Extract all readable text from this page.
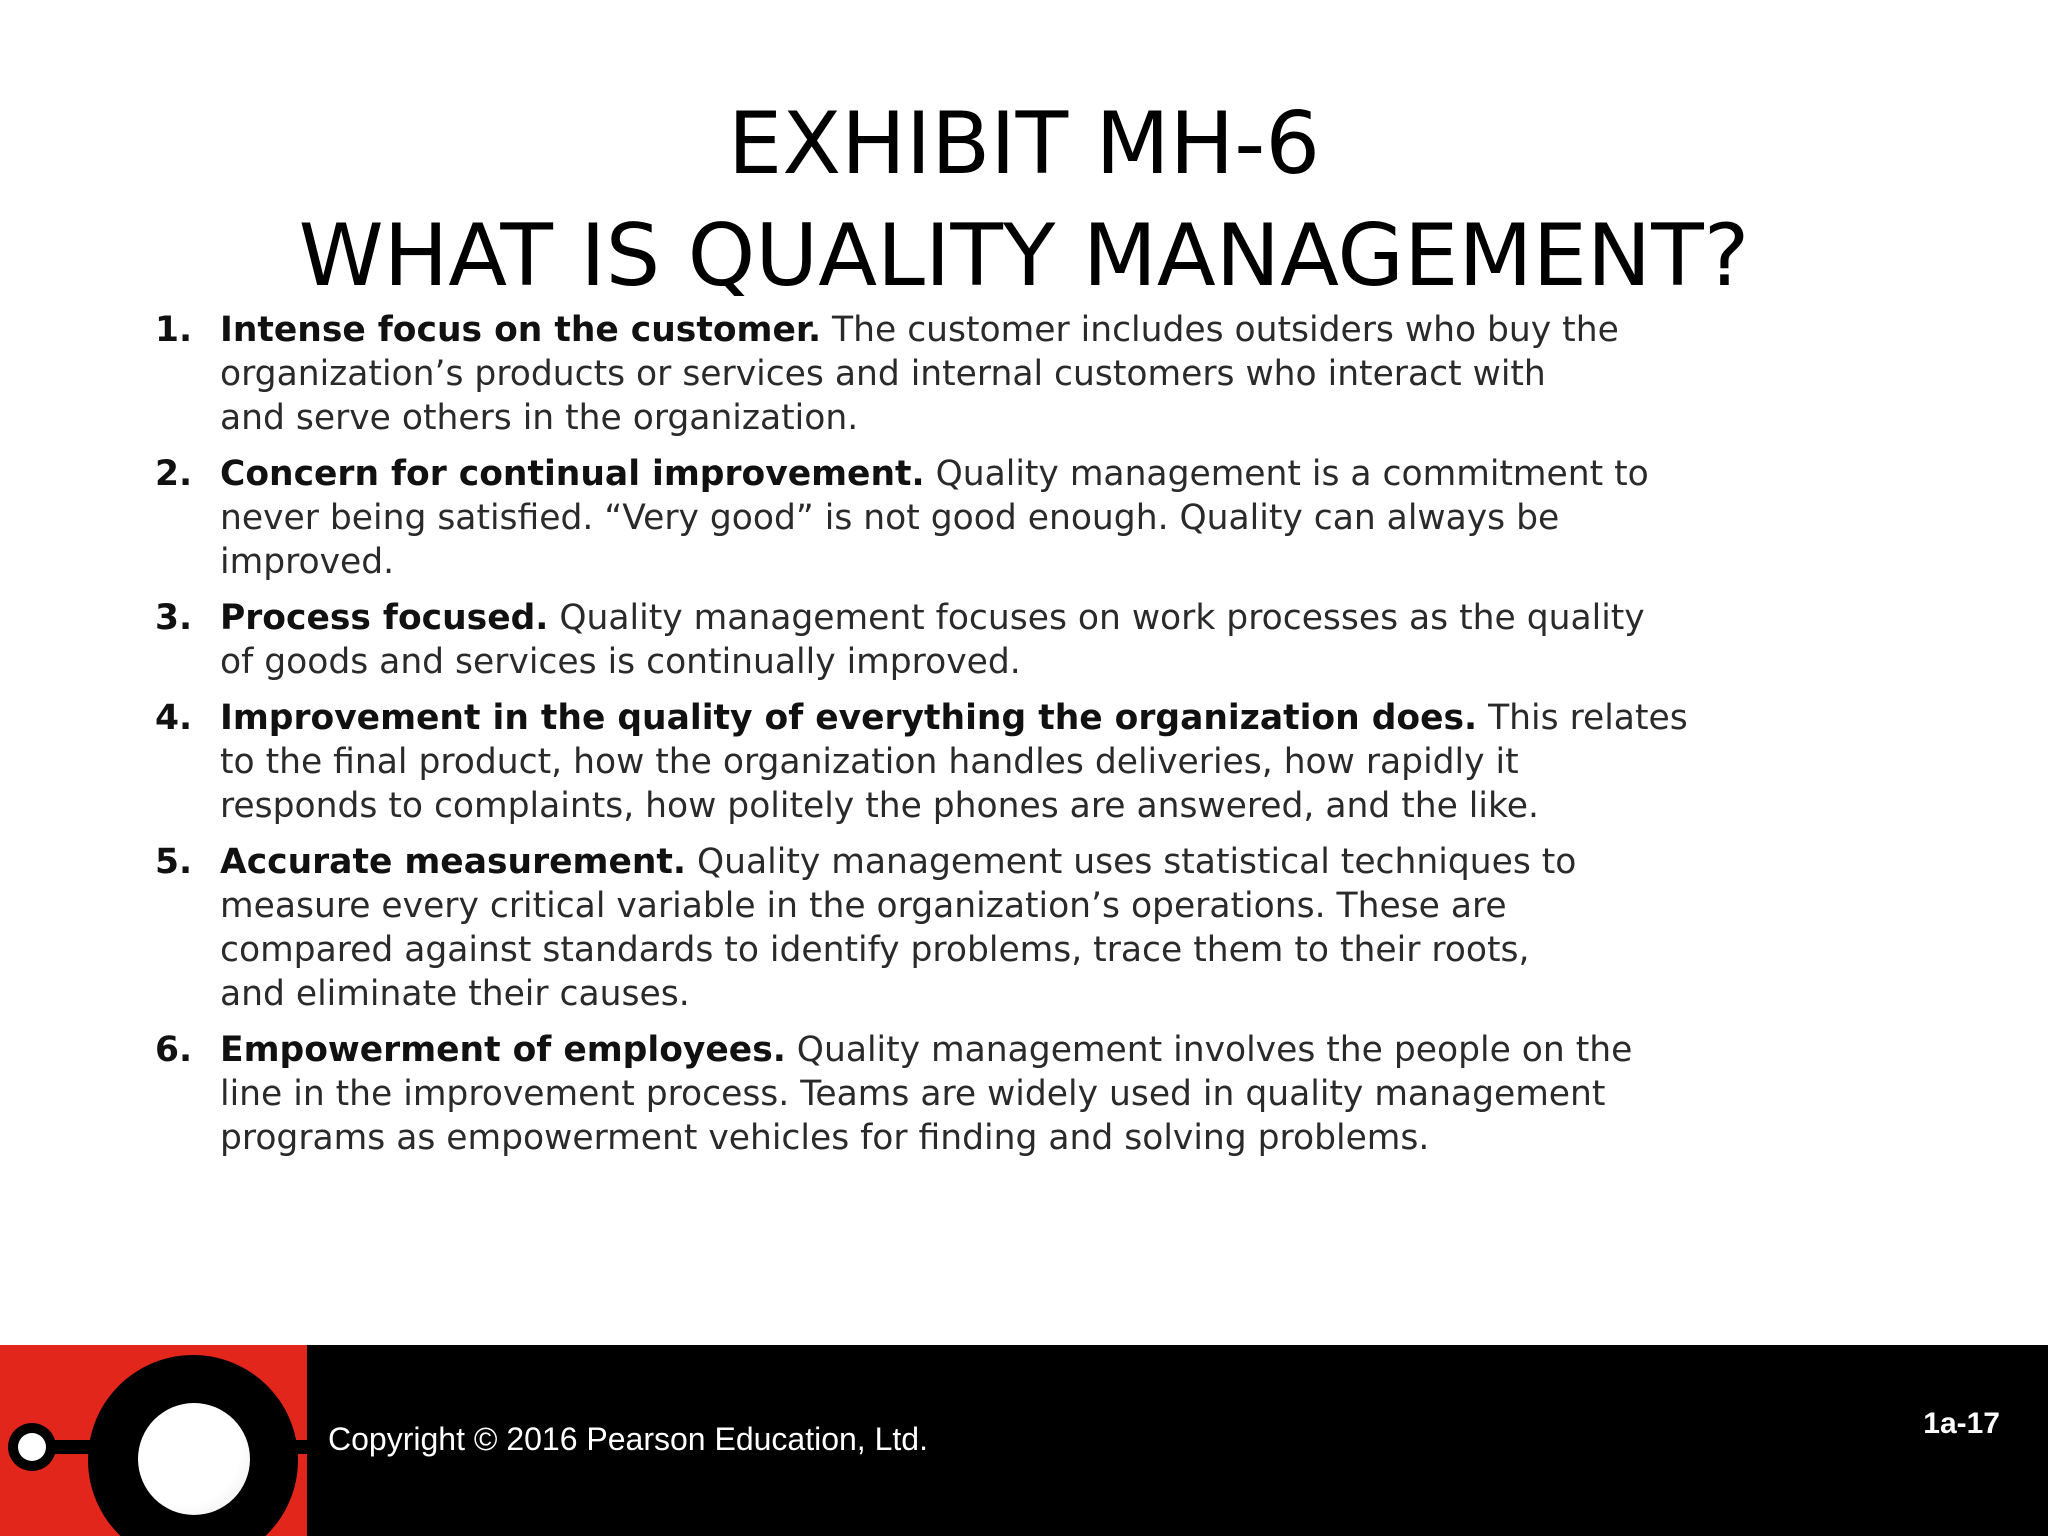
EXHIBIT MH-6
WHAT IS QUALITY MANAGEMENT?
1. Intense focus on the customer. The customer includes outsiders who buy the
organization’s products or services and internal customers who interact with
and serve others in the organization.
2. Concern for continual improvement. Quality management is a commitment to
never being satisfied. “Very good” is not good enough. Quality can always be
improved.
3. Process focused. Quality management focuses on work processes as the quality
of goods and services is continually improved.
4. Improvement in the quality of everything the organization does. This relates
to the final product, how the organization handles deliveries, how rapidly it
responds to complaints, how politely the phones are answered, and the like.
5. Accurate measurement. Quality management uses statistical techniques to
measure every critical variable in the organization’s operations. These are
compared against standards to identify problems, trace them to their roots,
and eliminate their causes.
6. Empowerment of employees. Quality management involves the people on the
line in the improvement process. Teams are widely used in quality management
programs as empowerment vehicles for finding and solving problems.
Copyright © 2016 Pearson Education, Ltd.	1a-17
